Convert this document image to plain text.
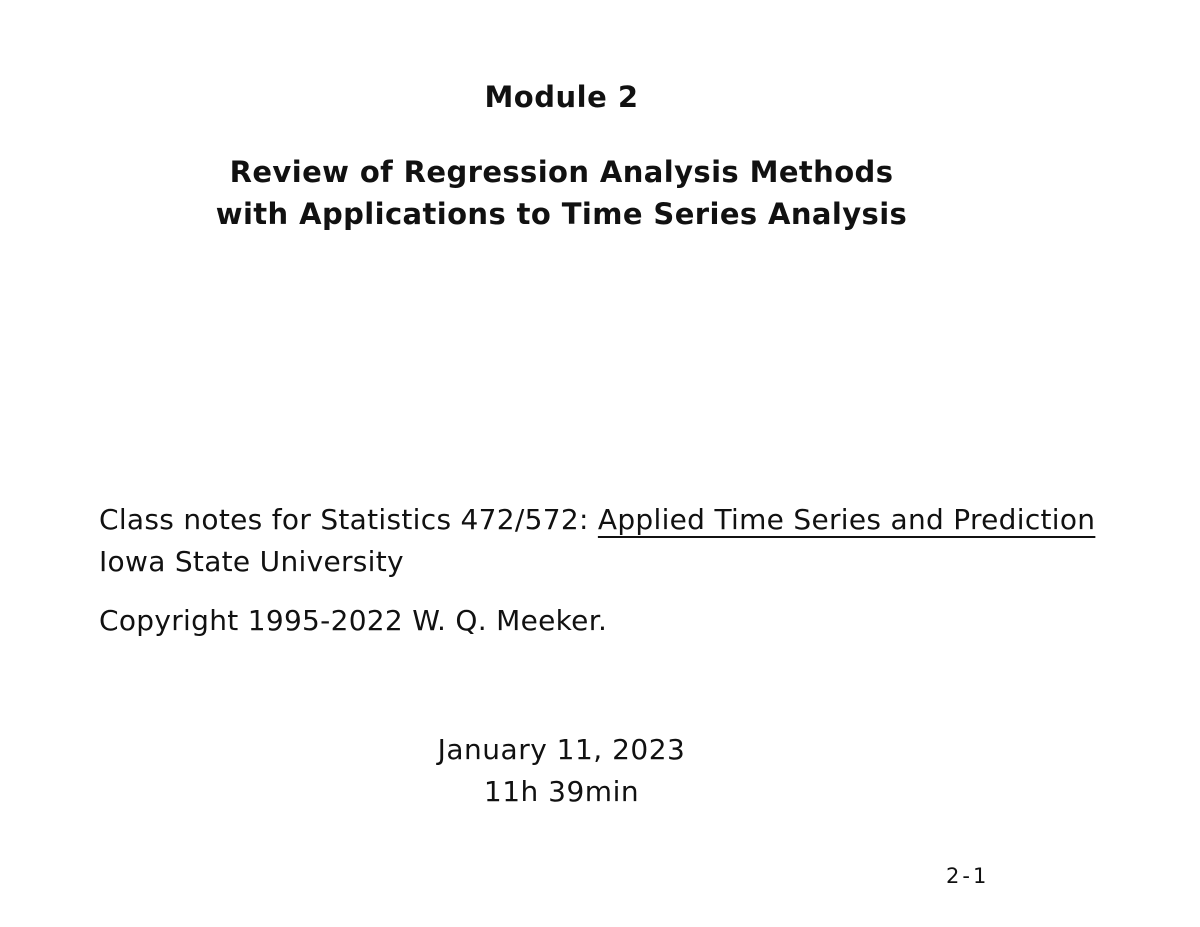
Module 2
Review of Regression Analysis Methods
with Applications to Time Series Analysis
Class notes for Statistics 472/572: Applied Time Series and Prediction
Iowa State University
Copyright 1995-2022 W. Q. Meeker.
January 11, 2023
11h 39min
2-1
